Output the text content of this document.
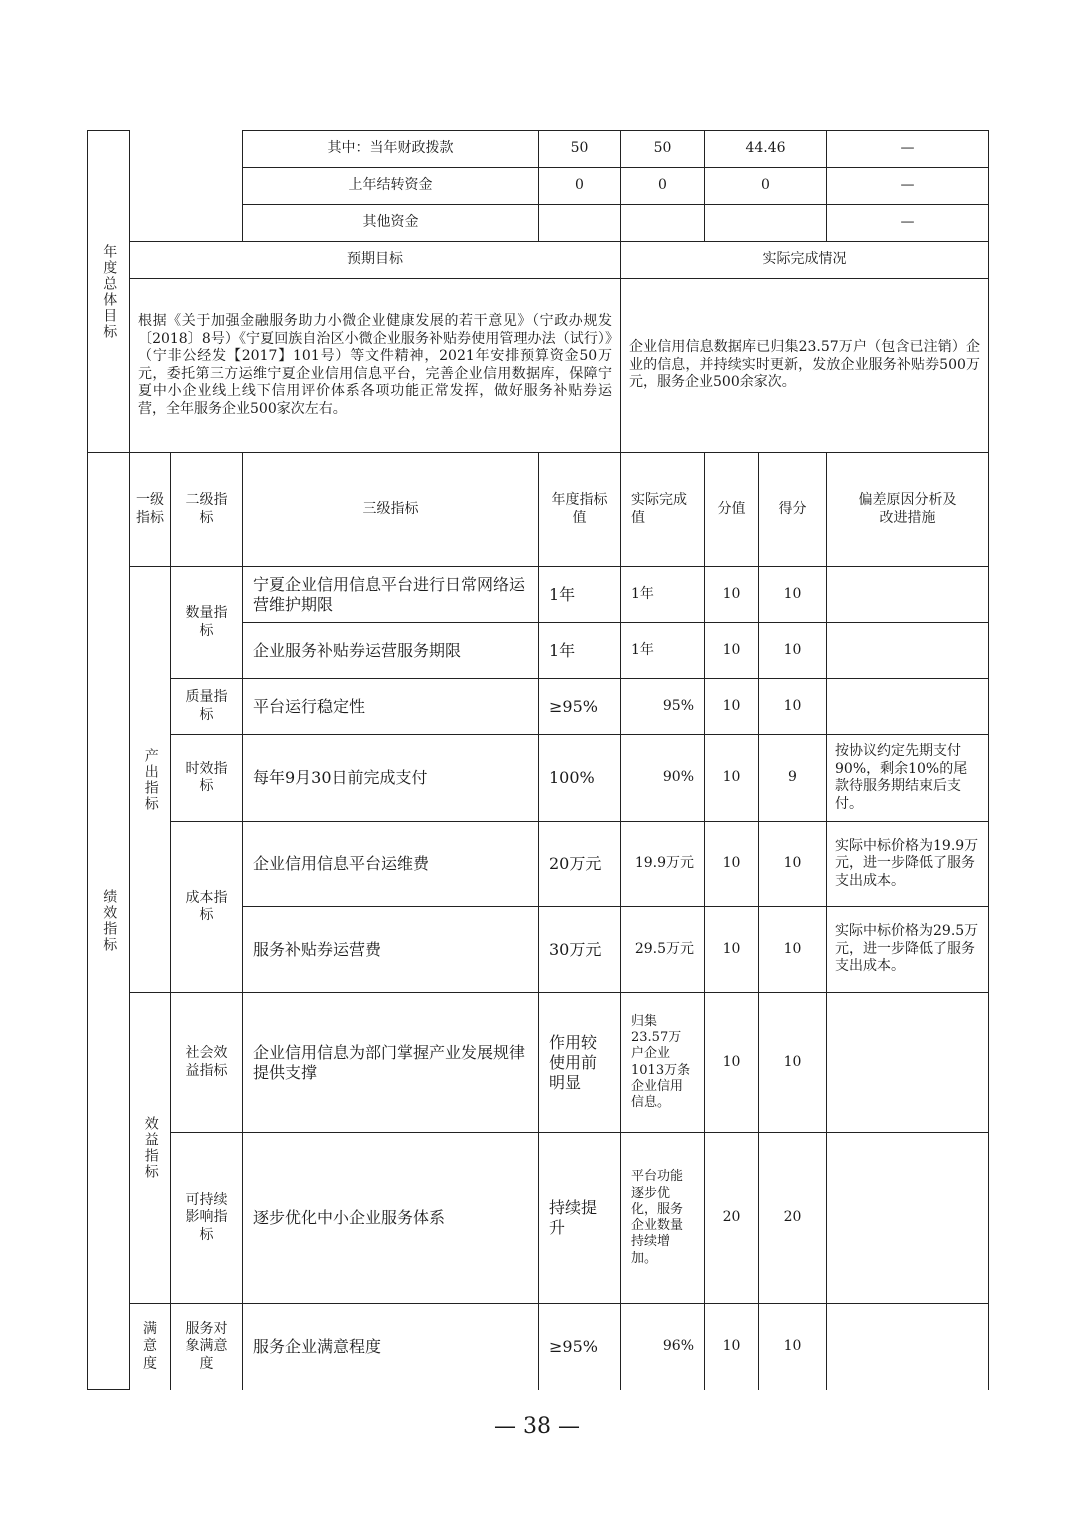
年度总体目标			其中：当年财政拨款	50	50	44.46		—	

			上年结转资金	0	0	0		—	

			其他资金					—	

	预期目标				实际完成情况				
	根据《关于加强金融服务助力小微企业健康发展的若干意见》（宁政办规发〔2018〕8号）《宁夏回族自治区小微企业服务补贴券使用管理办法（试行）》（宁非公经发【2017】101号）等文件精神，2021年安排预算资金50万元，委托第三方运维宁夏企业信用信息平台，完善企业信用数据库，保障宁夏中小企业线上线下信用评价体系各项功能正常发挥，做好服务补贴券运营，全年服务企业500家次左右。				企业信用信息数据库已归集23.57万户（包含已注销）企业的信息，并持续实时更新，发放企业服务补贴券500万元，服务企业500余家次。				
绩效指标	一级指标	二级指标	三级指标	年度指标值	实际完成值	分值	得分	偏差原因分析及改进措施	
	产出指标	数量指标	宁夏企业信用信息平台进行日常网络运营维护期限	1年	1年	10	10		
			企业服务补贴券运营服务期限	1年	1年	10	10		
		质量指标	平台运行稳定性	≥95%	95%	10	10		
		时效指标	每年9月30日前完成支付	100%	90%	10	9	按协议约定先期支付90%，剩余10%的尾款待服务期结束后支付。	
		成本指标	企业信用信息平台运维费	20万元	19.9万元	10	10	实际中标价格为19.9万元，进一步降低了服务支出成本。	
			服务补贴券运营费	30万元	29.5万元	10	10	实际中标价格为29.5万元，进一步降低了服务支出成本。	
	效益指标	社会效益指标	企业信用信息为部门掌握产业发展规律提供支撑	作用较使用前明显	归集23.57万户企业1013万条企业信用信息。	10	10		
		可持续影响指标	逐步优化中小企业服务体系	持续提升	平台功能逐步优化，服务企业数量持续增加。	20	20		
	满意度	服务对象满意度	服务企业满意程度	≥95%	96%	10	10		
— 38 —
